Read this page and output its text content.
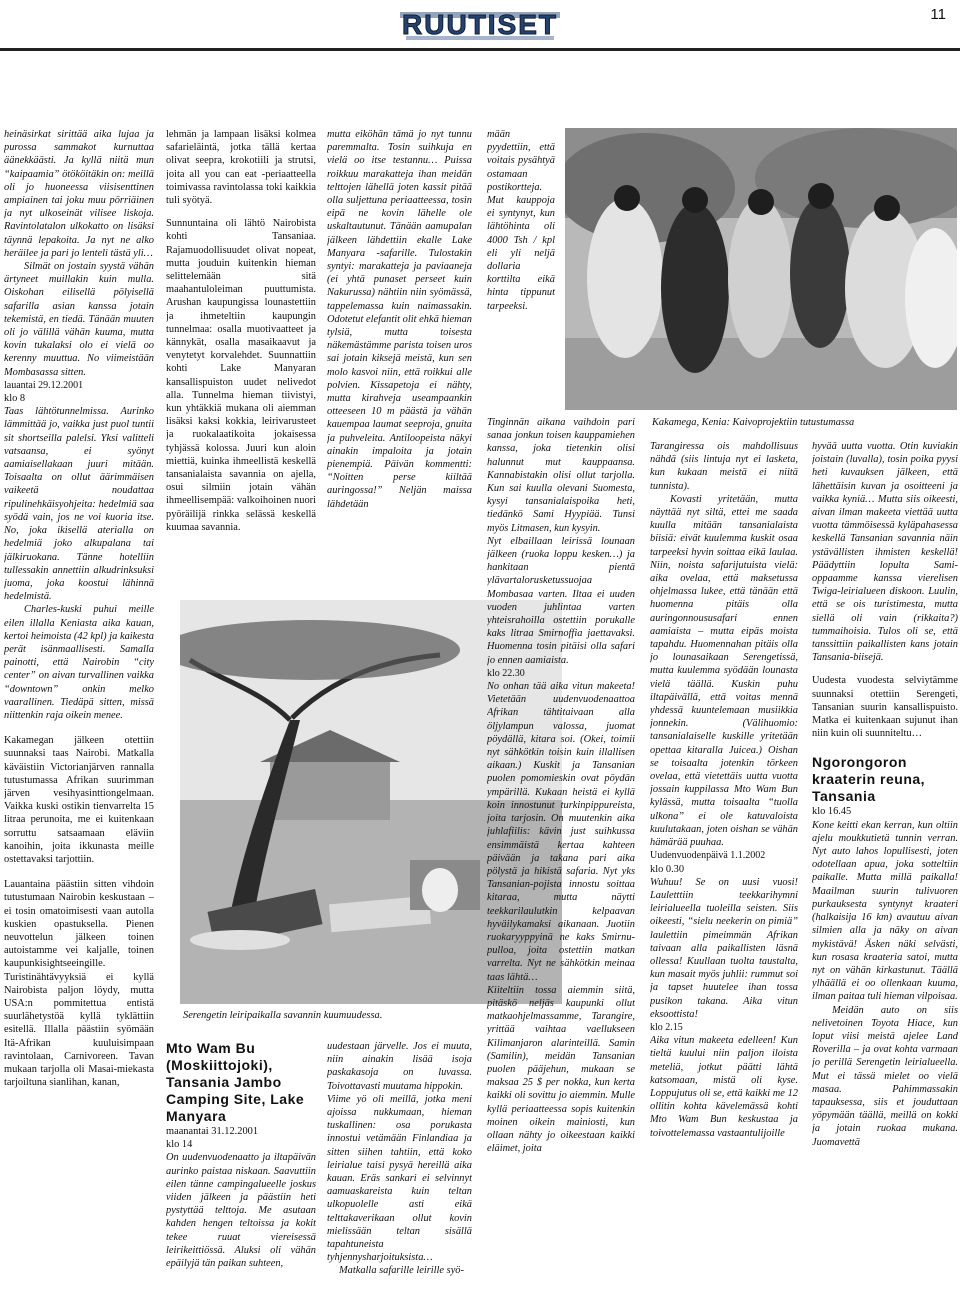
RUUTISET	11
Kakamega, Kenia: Kaivoprojektiin tutustumassa
Serengetin leiripaikalla savannin kuumuudessa.

heinäsirkat sirittää aika lujaa ja purossa sammakot kurnuttaa äänekkäästi. Ja kyllä niitä mun “kaipaamia” ötököitäkin on: meillä oli jo huoneessa viisisenttinen ampiainen tai joku muu pörriäinen ja nyt ulkoseinät vilisee liskoja. Ravintolatalon ulkokatto on lisäksi täynnä lepakoita. Ja nyt ne alko heräilee ja pari jo lenteli tästä yli…

Silmät on jostain syystä vähän ärtyneet muillakin kuin mulla. Oiskohan eilisellä pölyisellä safarilla asian kanssa jotain tekemistä, en tiedä. Tänään muuten oli jo välillä vähän kuuma, mutta kovin tukalaksi olo ei vielä oo kerenny muuttua. No viimeistään Mombasassa sitten.

lauantai 29.12.2001

klo 8

Taas lähtötunnelmissa. Aurinko lämmittää jo, vaikka just puol tuntii sit shortseilla palelsi. Yksi valitteli vatsaansa, ei syönyt aamiaisellakaan juuri mitään. Toisaalta on ollut äärimmäisen vaikeetä noudattaa ripulinehkäisyohjeita: hedelmiä saa syödä vain, jos ne voi kuoria itse. No, joka ikisellä aterialla on hedelmiä joko alkupalana tai jälkiruokana. Tänne hotelliin tullessakin annettiin alkudrinksuksi juoma, joka koostui lähinnä hedelmistä.

Charles-kuski puhui meille eilen illalla Keniasta aika kauan, kertoi heimoista (42 kpl) ja kaikesta perät isänmaallisesti. Samalla painotti, että Nairobin “city center” on aivan turvallinen vaikka “downtown” onkin melko vaarallinen. Tiedäpä sitten, missä niittenkin raja oikein menee.

Kakamegan jälkeen otettiin suunnaksi taas Nairobi. Matkalla käväistiin Victorianjärven rannalla tutustumassa Afrikan suurimman järven vesihyasinttiongelmaan. Vaikka kuski ostikin tienvarrelta 15 litraa perunoita, me ei kuitenkaan sorruttu satsaamaan eläviin kanoihin, joita ikkunasta meille ostettavaksi tarjottiin.

Lauantaina päästiin sitten vihdoin tutustumaan Nairobin keskustaan – ei tosin omatoimisesti vaan autolla kuskien opastuksella. Pienen neuvottelun jälkeen toinen autoistamme vei kaljalle, toinen kaupunkisightseeingille. Turistinähtävyyksiä ei kyllä Nairobista paljon löydy, mutta USA:n pommitettua entistä suurlähetystöä kyllä tyklättiin esitellä. Illalla päästiin syömään Itä-Afrikan kuuluisimpaan ravintolaan, Carnivoreen. Tavan mukaan tarjolla oli Masai-miekasta tarjoiltuna sianlihan, kanan,

lehmän ja lampaan lisäksi kolmea safarieläintä, jotka tällä kertaa olivat seepra, krokotiili ja strutsi, joita all you can eat -periaatteella toimivassa ravintolassa toki kaikkia tuli syötyä.

Sunnuntaina oli lähtö Nairobista kohti Tansaniaa. Rajamuodollisuudet olivat nopeat, mutta jouduin kuitenkin hieman selittelemään sitä maahantuloleiman puuttumista. Arushan kaupungissa lounastettiin ja ihmeteltiin kaupungin tunnelmaa: osalla muotivaatteet ja kännykät, osalla masaikaavut ja venytetyt korvalehdet. Suunnattiin kohti Lake Manyaran kansallispuiston uudet nelivedot alla. Tunnelma hieman tiivistyi, kun yhtäkkiä mukana oli aiemman lisäksi kaksi kokkia, leirivarusteet ja ruokalaatikoita jokaisessa tyhjässä kolossa. Juuri kun aloin miettiä, kuinka ihmeellistä keskellä tansanialaista savannia on ajella, osui silmiin jotain vähän ihmeellisempää: valkoihoinen nuori pyöräilijä rinkka selässä keskellä kuumaa savannia.

Mto Wam Bu (Moskiittojoki), Tansania Jambo Camping Site, Lake Manyara

maanantai 31.12.2001

klo 14

On uudenvuodenaatto ja iltapäivän aurinko paistaa niskaan. Saavuttiin eilen tänne campingalueelle joskus viiden jälkeen ja päästiin heti pystyttää telttoja. Me asutaan kahden hengen teltoissa ja kokit tekee ruuat viereisessä leirikeittiössä. Aluksi oli vähän epäilyjä tän paikan suhteen,

mutta eiköhän tämä jo nyt tunnu paremmalta. Tosin suihkuja en vielä oo itse testannu… Puissa roikkuu marakatteja ihan meidän telttojen lähellä joten kassit pitää olla suljettuna periaatteessa, tosin eipä ne kovin lähelle ole uskaltautunut. Tänään aamupalan jälkeen lähdettiin ekalle Lake Manyara -safarille. Tulostakin syntyi: marakatteja ja paviaaneja (ei yhtä punaset perseet kuin Nakurussa) nähtiin niin syömässä, tappelemassa kuin naimassakin. Odotetut elefantit olit ehkä hieman tylsiä, mutta toisesta näkemästämme parista toisen uros sai jotain kiksejä meistä, kun sen molo kasvoi niin, että roikkui alle polvien. Kissapetoja ei nähty, mutta kirahveja useampaankin otteeseen 10 m päästä ja vähän kauempaa laumat seeproja, gnuita ja puhveleita. Antiloopeista näkyi ainakin impaloita ja jotain pienempiä. Päivän kommentti: “Noitten perse kiiltää auringossa!” Neljän maissa lähdetään

uudestaan järvelle. Jos ei muuta, niin ainakin lisää isoja paskakasoja on luvassa. Toivottavasti muutama hippokin.

Viime yö oli meillä, jotka meni ajoissa nukkumaan, hieman tuskallinen: osa porukasta innostui vetämään Finlandiaa ja sitten siihen tahtiin, että koko leirialue taisi pysyä hereillä aika kauan. Eräs sankari ei selvinnyt aamuaskareista kuin teltan ulkopuolelle asti eikä telttakaverikaan ollut kovin mielissään teltan sisällä tapahtuneista tyhjennysharjoituksista…

Matkalla safarille leirille syö-

mään pyydettiin, että voitais pysähtyä ostamaan postikortteja. Mut kauppoja ei syntynyt, kun lähtöhinta oli 4000 Tsh / kpl eli yli neljä dollaria korttilta eikä hinta tippunut tarpeeksi.

Tinginnän aikana vaihdoin pari sanaa jonkun toisen kauppamiehen kanssa, joka tietenkin olisi halunnut mut kauppaansa. Kannabistakin olisi ollut tarjolla. Kun sai kuulla olevani Suomesta, kysyi tansanialaispoika heti, tiedänkö Sami Hyypiää. Tunsi myös Litmasen, kun kysyin.

Nyt elbaillaan leirissä lounaan jälkeen (ruoka loppu kesken…) ja hankitaan pientä ylävartalorusketussuojaa Mombasaa varten. Iltaa ei uuden vuoden juhlintaa varten yhteisrahoilla ostettiin porukalle kaks litraa Smirnoffia jaettavaksi. Huomenna tosin pitäisi olla safari jo ennen aamiaista.

klo 22.30

No onhan tää aika vitun makeeta! Vietetään uudenvuodenaattoa Afrikan tähtitaivaan alla öljylampun valossa, juomat pöydällä, kitara soi. (Okei, toimii nyt sähkötkin toisin kuin illallisen aikaan.) Kuskit ja Tansanian puolen pomomieskin ovat pöydän ympärillä. Kukaan heistä ei kyllä koin innostunut turkinpippureista, joita tarjosin. On muutenkin aika juhlafiilis: kävin just suihkussa ensimmäistä kertaa kahteen päivään ja takana pari aika pölystä ja hikistä safaria. Nyt yks Tansanian-pojista innostu soittaa kitaraa, mutta näytti teekkarilaulutkin kelpaavan hyväilykamaksi aikanaan. Juotiin ruokaryyppyinä ne kaks Smirnu-pulloa, joita ostettiin matkan varrelta. Nyt ne sähkötkin meinaa taas lähtä…

Kiiteltiin tossa aiemmin siitä, pitäskö neljäs kaupunki ollut matkaohjelmassamme, Tarangire, yrittää vaihtaa vaellukseen Kilimanjaron alarinteillä. Samin (Samilin), meidän Tansanian puolen pääjehun, mukaan se maksaa 25 $ per nokka, kun kerta kaikki oli sovittu jo aiemmin. Mulle kyllä periaatteessa sopis kuitenkin moinen oikein mainiosti, kun ollaan nähty jo oikeestaan kaikki eläimet, joita

Tarangiressa ois mahdollisuus nähdä (siis lintuja nyt ei lasketa, kun kukaan meistä ei niitä tunnista).

Kovasti yritetään, mutta näyttää nyt siltä, ettei me saada kuulla mitään tansanialaista biisiä: eivät kuulemma kuskit osaa tarpeeksi hyvin soittaa eikä laulaa. Niin, noista safarijutuista vielä: aika ovelaa, että maksetussa ohjelmassa lukee, että tänään että huomenna pitäis olla auringonnoususafari ennen aamiaista – mutta eipäs moista tapahdu. Huomennahan pitäis olla jo lounasaikaan Serengetissä, mutta kuulemma syödään lounasta vielä täällä. Kuskin puhu iltapäivällä, että voitas mennä yhdessä kuuntelemaan musiikkia jonnekin. (Välihuomio: tansanialaiselle kuskille yritetään opettaa kitaralla Juicea.) Oishan se toisaalta jotenkin törkeen ovelaa, että vietettäis uutta vuotta jossain kuppilassa Mto Wam Bun kylässä, mutta toisaalta “tuolla ulkona” ei ole katuvaloista kuulutakaan, joten oishan se vähän hämärää puuhaa.

Uudenvuodenpäivä 1.1.2002

klo 0.30

Wuhuu! Se on uusi vuosi! Lauletttiin teekkarihymni leirialueella tuoleilla seisten. Siis oikeesti, “sielu neekerin on pimiä” laulettiin pimeimmän Afrikan taivaan alla paikallisten läsnä ollessa! Kuullaan tuolta taustalta, kun masait myös juhlii: rummut soi ja tapset huutelee ihan tossa pusikon takana. Aika vitun eksoottista!

klo 2.15

Aika vitun makeeta edelleen! Kun tieltä kuului niin paljon iloista meteliä, jotkut päätti lähtä katsomaan, mistä oli kyse. Loppujutus oli se, että kaikki me 12 ollitin kohta kävelemässä kohti Mto Wam Bun keskustaa ja toivottelemassa vastaantulijoille

hyvää uutta vuotta. Otin kuviakin joistain (luvalla), tosin poika pyysi heti kuvauksen jälkeen, että lähettäisin kuvan ja osoitteeni ja vaikka kyniä… Mutta siis oikeesti, aivan ilman makeeta viettää uutta vuotta tämmöisessä kyläpahasessa keskellä Tansanian savannia näin ystävällisten ihmisten keskellä! Päädyttiin lopulta Sami-oppaamme kanssa vierelisen Twiga-leirialueen diskoon. Luulin, että se ois turistimesta, mutta siellä oli vain (rikkaita?) tummaihoisia. Tulos oli se, että tanssittiin paikallisten kans jotain Tansania-biisejä.

Uudesta vuodesta selviytämme suunnaksi otettiin Serengeti, Tansanian suurin kansallispuisto. Matka ei kuitenkaan sujunut ihan niin kuin oli suunniteltu…

Ngorongoron kraaterin reuna, Tansania

klo 16.45

Kone keitti ekan kerran, kun oltiin ajelu moukkutietä tunnin verran. Nyt auto lahos lopullisesti, joten odotellaan apua, joka sotteltiin paikalle. Mutta millä paikalla! Maailman suurin tulivuoren purkauksesta syntynyt kraateri (halkaisija 16 km) avautuu aivan silmien alla ja näky on aivan mykistävä! Äsken näki selvästi, kun rosasa kraateria satoi, mutta nyt on vähän kirkastunut. Täällä ylhäällä ei oo ollenkaan kuuma, ilman paitaa tuli hieman vilpoisaa.

Meidän auto on siis nelivetoinen Toyota Hiace, kun loput viisi meistä ajelee Land Roverilla – ja ovat kohta varmaan jo perillä Serengetin leirialueella. Mut ei tässä mielet oo vielä masaa. Pahimmassakin tapauksessa, siis et jouduttaan yöpymään täällä, meillä on kokki ja jotain ruokaa mukana. Juomavettä
